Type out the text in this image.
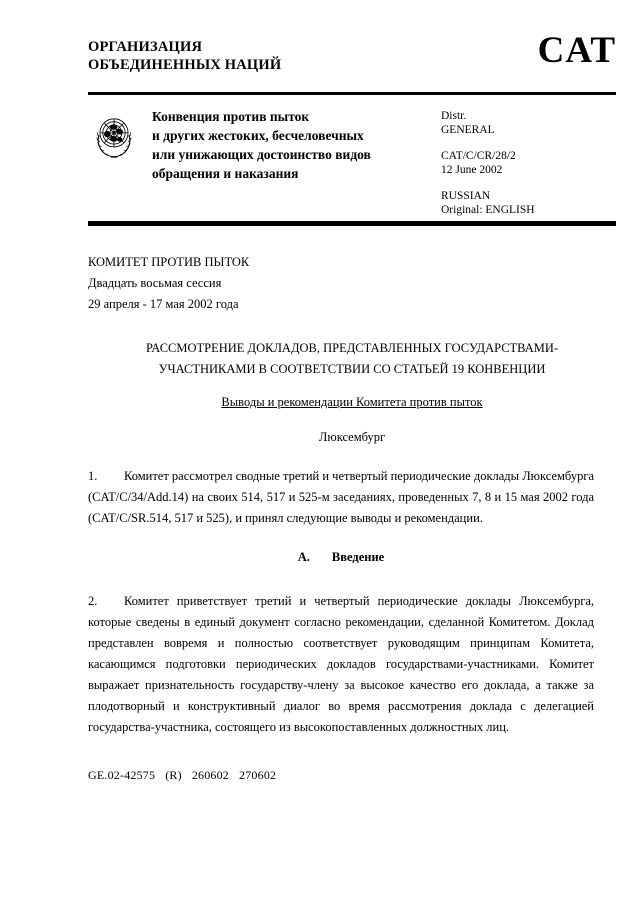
ОРГАНИЗАЦИЯ
ОБЪЕДИНЕННЫХ НАЦИЙ	CAT
Конвенция против пыток
и других жестоких, бесчеловечных
или унижающих достоинство видов
обращения и наказания
Distr.
GENERAL
CAT/C/CR/28/2
12 June 2002
RUSSIAN
Original: ENGLISH
КОМИТЕТ ПРОТИВ ПЫТОК
Двадцать восьмая сессия
29 апреля - 17 мая 2002 года
РАССМОТРЕНИЕ ДОКЛАДОВ, ПРЕДСТАВЛЕННЫХ ГОСУДАРСТВАМИ-
УЧАСТНИКАМИ В СООТВЕТСТВИИ СО СТАТЬЕЙ 19 КОНВЕНЦИИ
Выводы и рекомендации Комитета против пыток
Люксембург
1. Комитет рассмотрел сводные третий и четвертый периодические доклады Люксембурга (CAT/C/34/Add.14) на своих 514, 517 и 525-м заседаниях, проведенных 7, 8 и 15 мая 2002 года (CAT/C/SR.514, 517 и 525), и принял следующие выводы и рекомендации.
A. Введение
2. Комитет приветствует третий и четвертый периодические доклады Люксембурга, которые сведены в единый документ согласно рекомендации, сделанной Комитетом. Доклад представлен вовремя и полностью соответствует руководящим принципам Комитета, касающимся подготовки периодических докладов государствами-участниками. Комитет выражает признательность государству-члену за высокое качество его доклада, а также за плодотворный и конструктивный диалог во время рассмотрения доклада с делегацией государства-участника, состоящего из высокопоставленных должностных лиц.
GE.02-42575 (R) 260602 270602
